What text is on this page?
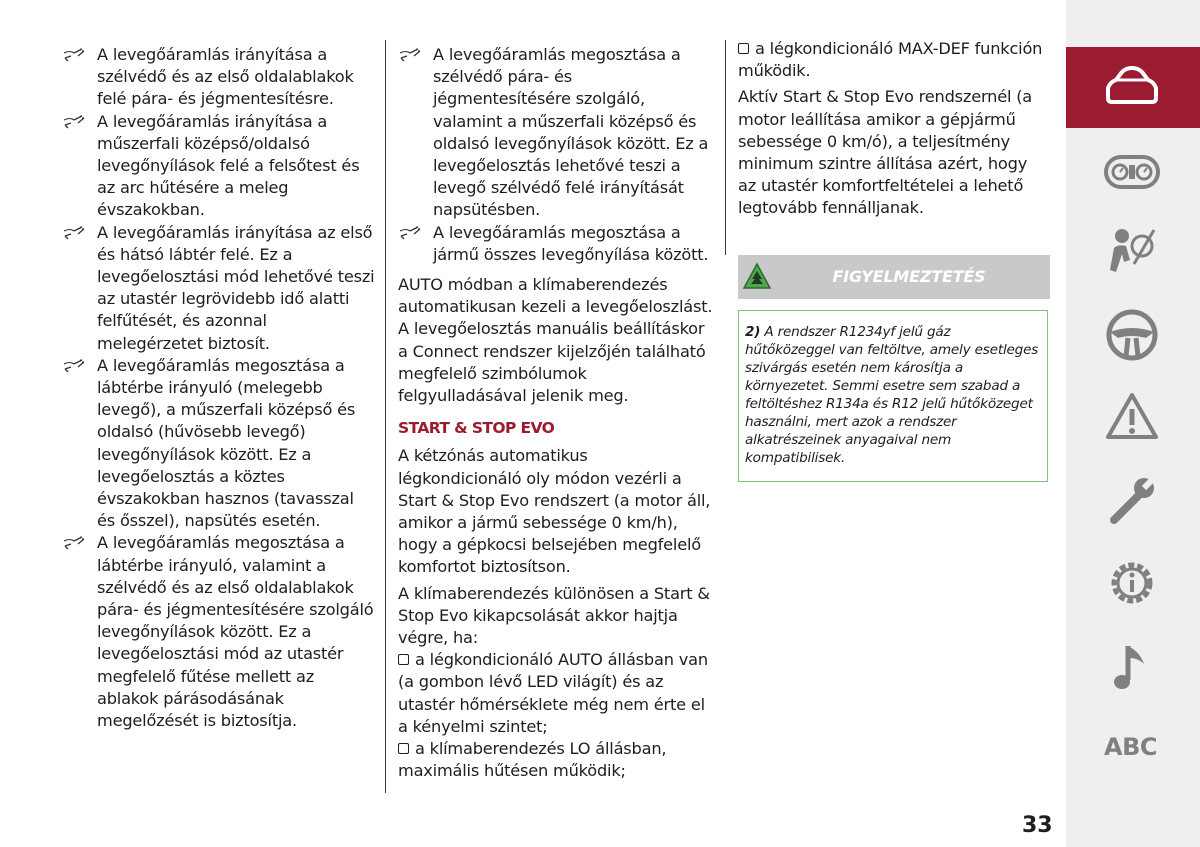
A levegőáramlás irányítása a szélvédő és az első oldalablakok felé pára- és jégmentesítésre.

A levegőáramlás irányítása a műszerfali középső/oldalsó levegőnyílások felé a felsőtest és az arc hűtésére a meleg évszakokban.

A levegőáramlás irányítása az első és hátsó lábtér felé. Ez a levegőelosztási mód lehetővé teszi az utastér legrövidebb idő alatti felfűtését, és azonnal melegérzetet biztosít.

A levegőáramlás megosztása a lábtérbe irányuló (melegebb levegő), a műszerfali középső és oldalsó (hűvösebb levegő) levegőnyílások között. Ez a levegőelosztás a köztes évszakokban hasznos (tavasszal és ősszel), napsütés esetén.

A levegőáramlás megosztása a lábtérbe irányuló, valamint a szélvédő és az első oldalablakok pára- és jégmentesítésére szolgáló levegőnyílások között. Ez a levegőelosztási mód az utastér megfelelő fűtése mellett az ablakok párásodásának megelőzését is biztosítja.

A levegőáramlás megosztása a szélvédő pára- és jégmentesítésére szolgáló, valamint a műszerfali középső és oldalsó levegőnyílások között. Ez a levegőelosztás lehetővé teszi a levegő szélvédő felé irányítását napsütésben.

A levegőáramlás megosztása a jármű összes levegőnyílása között.

AUTO módban a klímaberendezés automatikusan kezeli a levegőeloszlást. A levegőelosztás manuális beállításkor a Connect rendszer kijelzőjén található megfelelő szimbólumok felgyulladásával jelenik meg.

START & STOP EVO

A kétzónás automatikus légkondicionáló oly módon vezérli a Start & Stop Evo rendszert (a motor áll, amikor a jármű sebessége 0 km/h), hogy a gépkocsi belsejében megfelelő komfortot biztosítson.

A klímaberendezés különösen a Start & Stop Evo kikapcsolását akkor hajtja végre, ha:

a légkondicionáló AUTO állásban van (a gombon lévő LED világít) és az utastér hőmérséklete még nem érte el a kényelmi szintet;

a klímaberendezés LO állásban, maximális hűtésen működik;

a légkondicionáló MAX-DEF funkción működik.

Aktív Start & Stop Evo rendszernél (a motor leállítása amikor a gépjármű sebessége 0 km/ó), a teljesítmény minimum szintre állítása azért, hogy az utastér komfortfeltételei a lehető legtovább fennálljanak.

FIGYELMEZTETÉS
2) A rendszer R1234yf jelű gáz hűtőközeggel van feltöltve, amely esetleges szivárgás esetén nem károsítja a környezetet. Semmi esetre sem szabad a feltöltéshez R134a és R12 jelű hűtőközeget használni, mert azok a rendszer alkatrészeinek anyagaival nem kompatibilisek.
ABC
33
